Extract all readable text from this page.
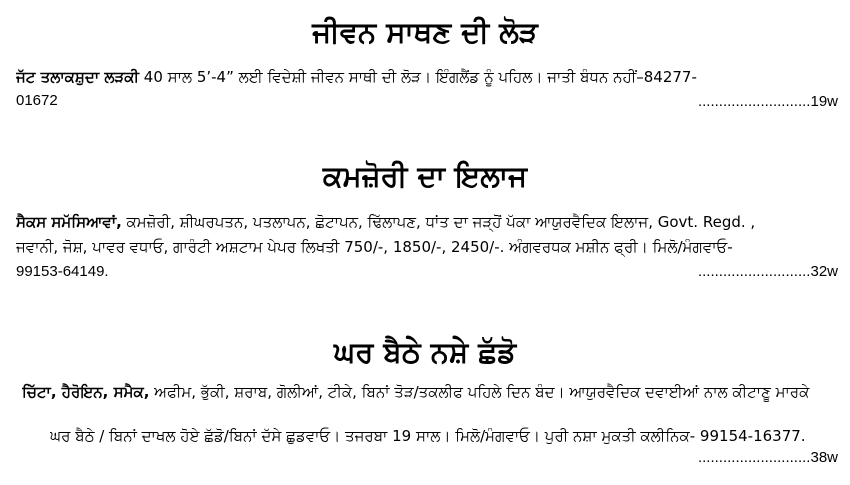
ਜੀਵਨ ਸਾਥਣ ਦੀ ਲੋੜ
ਜੱਟ ਤਲਾਕਸ਼ੁਦਾ ਲੜਕੀ 40 ਸਾਲ 5’-4” ਲਈ ਵਿਦੇਸ਼ੀ ਜੀਵਨ ਸਾਥੀ ਦੀ ਲੋੜ। ਇੰਗਲੈਂਡ ਨੂੰ ਪਹਿਲ। ਜਾਤੀ ਬੰਧਨ ਨਹੀਂ–84277-
01672	...........................19w
ਕਮਜ਼ੋਰੀ ਦਾ ਇਲਾਜ
ਸੈਕਸ ਸਮੱਸਿਆਵਾਂ, ਕਮਜ਼ੋਰੀ, ਸ਼ੀਘਰਪਤਨ, ਪਤਲਾਪਨ, ਛੋਟਾਪਨ, ਢਿੱਲਾਪਣ, ਧਾਂਤ ਦਾ ਜੜ੍ਹੋਂ ਪੱਕਾ ਆਯੁਰਵੈਦਿਕ ਇਲਾਜ, Govt. Regd. ,
ਜਵਾਨੀ, ਜੋਸ਼, ਪਾਵਰ ਵਧਾਓ, ਗਾਰੰਟੀ ਅਸ਼ਟਾਮ ਪੇਪਰ ਲਿਖਤੀ 750/-, 1850/-, 2450/-. ਅੰਗਵਰਧਕ ਮਸ਼ੀਨ ਫ੍ਰੀ। ਮਿਲੋ/ਮੰਗਵਾਓ-
99153-64149.	...........................32w
ਘਰ ਬੈਠੇ ਨਸ਼ੇ ਛੱਡੋ
ਚਿੱਟਾ, ਹੈਰੋਇਨ, ਸਮੈਕ, ਅਫੀਮ, ਭੁੱਕੀ, ਸ਼ਰਾਬ, ਗੋਲੀਆਂ, ਟੀਕੇ, ਬਿਨਾਂ ਤੋੜ/ਤਕਲੀਫ ਪਹਿਲੇ ਦਿਨ ਬੰਦ। ਆਯੁਰਵੈਦਿਕ ਦਵਾਈਆਂ ਨਾਲ ਕੀਟਾਣੂ ਮਾਰਕੇ
ਘਰ ਬੈਠੇ / ਬਿਨਾਂ ਦਾਖਲ ਹੋਏ ਛੱਡੋ/ਬਿਨਾਂ ਦੱਸੇ ਛੁਡਵਾਓ। ਤਜਰਬਾ 19 ਸਾਲ। ਮਿਲੋ/ਮੰਗਵਾਓ। ਪੁਰੀ ਨਸ਼ਾ ਮੁਕਤੀ ਕਲੀਨਿਕ- 99154-16377.
...........................38w
